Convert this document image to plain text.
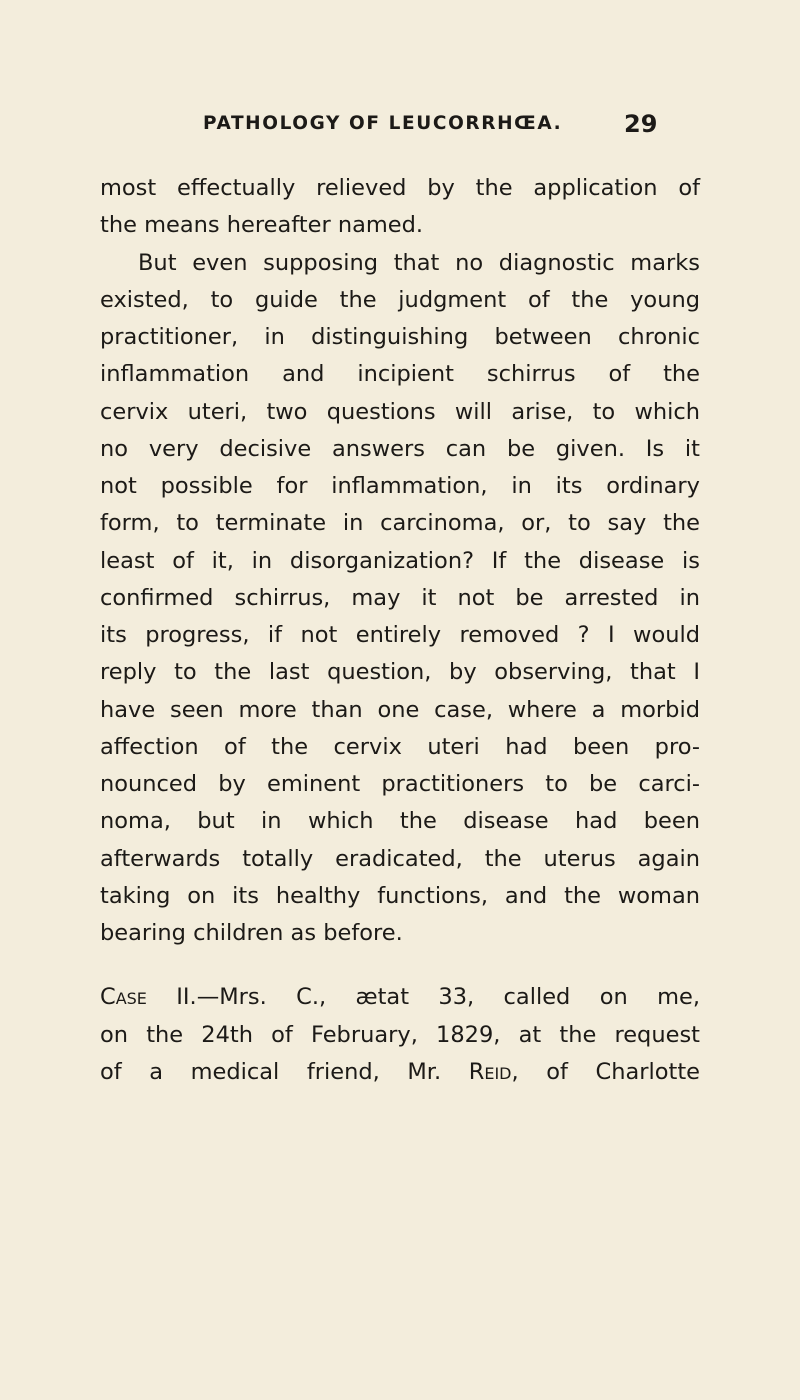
PATHOLOGY OF LEUCORRHŒA.	29
most effectually relieved by the application of
the means hereafter named.
But even supposing that no diagnostic marks
existed, to guide the judgment of the young
practitioner, in distinguishing between chronic
inflammation and incipient schirrus of the
cervix uteri, two questions will arise, to which
no very decisive answers can be given. Is it
not possible for inflammation, in its ordinary
form, to terminate in carcinoma, or, to say the
least of it, in disorganization? If the disease is
confirmed schirrus, may it not be arrested in
its progress, if not entirely removed ? I would
reply to the last question, by observing, that I
have seen more than one case, where a morbid
affection of the cervix uteri had been pro-
nounced by eminent practitioners to be carci-
noma, but in which the disease had been
afterwards totally eradicated, the uterus again
taking on its healthy functions, and the woman
bearing children as before.
Case II.—Mrs. C., ætat 33, called on me,
on the 24th of February, 1829, at the request
of a medical friend, Mr. Reid, of Charlotte
